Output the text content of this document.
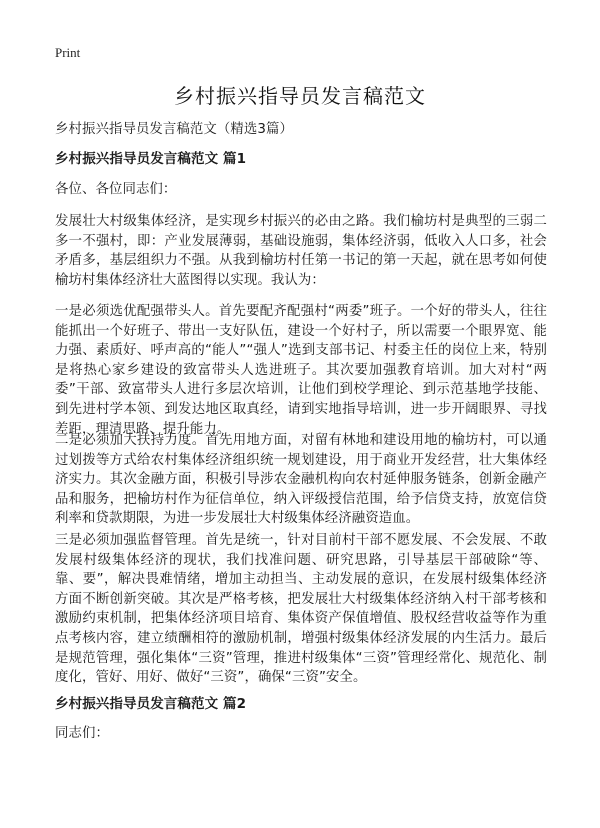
Print
乡村振兴指导员发言稿范文
乡村振兴指导员发言稿范文（精选3篇）
乡村振兴指导员发言稿范文 篇1
各位、各位同志们：
发展壮大村级集体经济，是实现乡村振兴的必由之路。我们榆坊村是典型的三弱二多一不强村，即：产业发展薄弱，基础设施弱，集体经济弱，低收入人口多，社会矛盾多，基层组织力不强。从我到榆坊村任第一书记的第一天起，就在思考如何使榆坊村集体经济壮大蓝图得以实现。我认为：
一是必须选优配强带头人。首先要配齐配强村“两委”班子。一个好的带头人，往往能抓出一个好班子、带出一支好队伍，建设一个好村子，所以需要一个眼界宽、能力强、素质好、呼声高的“能人”“强人”选到支部书记、村委主任的岗位上来，特别是将热心家乡建设的致富带头人选进班子。其次要加强教育培训。加大对村“两委”干部、致富带头人进行多层次培训，让他们到校学理论、到示范基地学技能、到先进村学本领、到发达地区取真经，请到实地指导培训，进一步开阔眼界、寻找差距，理清思路、提升能力。
二是必须加大扶持力度。首先用地方面，对留有林地和建设用地的榆坊村，可以通过划拨等方式给农村集体经济组织统一规划建设，用于商业开发经营，壮大集体经济实力。其次金融方面，积极引导涉农金融机构向农村延伸服务链条，创新金融产品和服务，把榆坊村作为征信单位，纳入评级授信范围，给予信贷支持，放宽信贷利率和贷款期限，为进一步发展壮大村级集体经济融资造血。
三是必须加强监督管理。首先是统一，针对目前村干部不愿发展、不会发展、不敢发展村级集体经济的现状，我们找准问题、研究思路，引导基层干部破除“等、靠、要”，解决畏难情绪，增加主动担当、主动发展的意识，在发展村级集体经济方面不断创新突破。其次是严格考核，把发展壮大村级集体经济纳入村干部考核和激励约束机制，把集体经济项目培育、集体资产保值增值、股权经营收益等作为重点考核内容，建立绩酬相符的激励机制，增强村级集体经济发展的内生活力。最后是规范管理，强化集体“三资”管理，推进村级集体“三资”管理经常化、规范化、制度化，管好、用好、做好“三资”，确保“三资”安全。
乡村振兴指导员发言稿范文 篇2
同志们：
